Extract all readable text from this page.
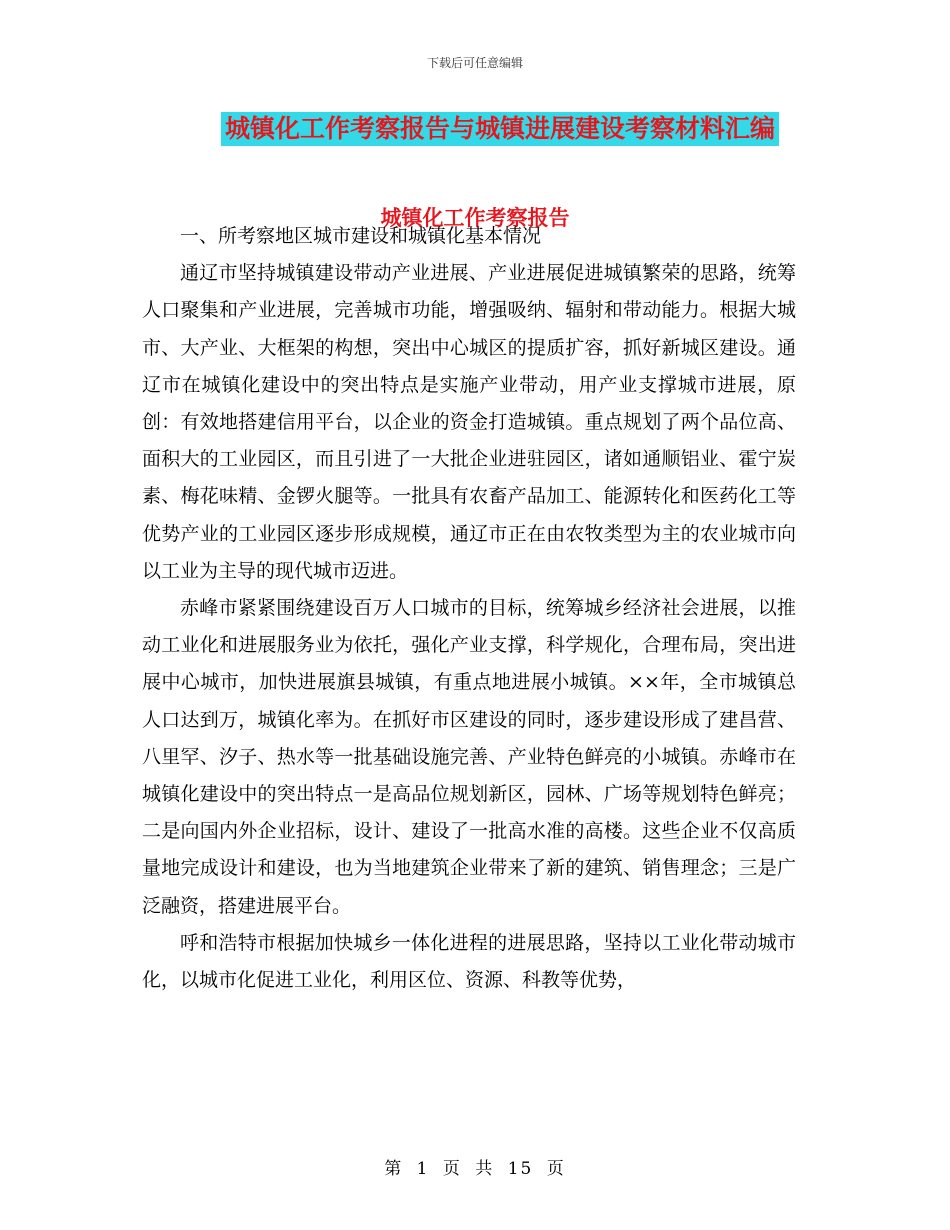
下载后可任意编辑
城镇化工作考察报告与城镇进展建设考察材料汇编
城镇化工作考察报告

一、所考察地区城市建设和城镇化基本情况

通辽市坚持城镇建设带动产业进展、产业进展促进城镇繁荣的思路，统筹人口聚集和产业进展，完善城市功能，增强吸纳、辐射和带动能力。根据大城市、大产业、大框架的构想，突出中心城区的提质扩容，抓好新城区建设。通辽市在城镇化建设中的突出特点是实施产业带动，用产业支撑城市进展，原创：有效地搭建信用平台，以企业的资金打造城镇。重点规划了两个品位高、面积大的工业园区，而且引进了一大批企业进驻园区，诸如通顺铝业、霍宁炭素、梅花味精、金锣火腿等。一批具有农畜产品加工、能源转化和医药化工等优势产业的工业园区逐步形成规模，通辽市正在由农牧类型为主的农业城市向以工业为主导的现代城市迈进。

赤峰市紧紧围绕建设百万人口城市的目标，统筹城乡经济社会进展，以推动工业化和进展服务业为依托，强化产业支撑，科学规化，合理布局，突出进展中心城市，加快进展旗县城镇，有重点地进展小城镇。××年，全市城镇总人口达到万，城镇化率为。在抓好市区建设的同时，逐步建设形成了建昌营、八里罕、汐子、热水等一批基础设施完善、产业特色鲜亮的小城镇。赤峰市在城镇化建设中的突出特点一是高品位规划新区，园林、广场等规划特色鲜亮；二是向国内外企业招标，设计、建设了一批高水准的高楼。这些企业不仅高质量地完成设计和建设，也为当地建筑企业带来了新的建筑、销售理念；三是广泛融资，搭建进展平台。

呼和浩特市根据加快城乡一体化进程的进展思路，坚持以工业化带动城市化，以城市化促进工业化，利用区位、资源、科教等优势，

第 1 页 共 15 页
